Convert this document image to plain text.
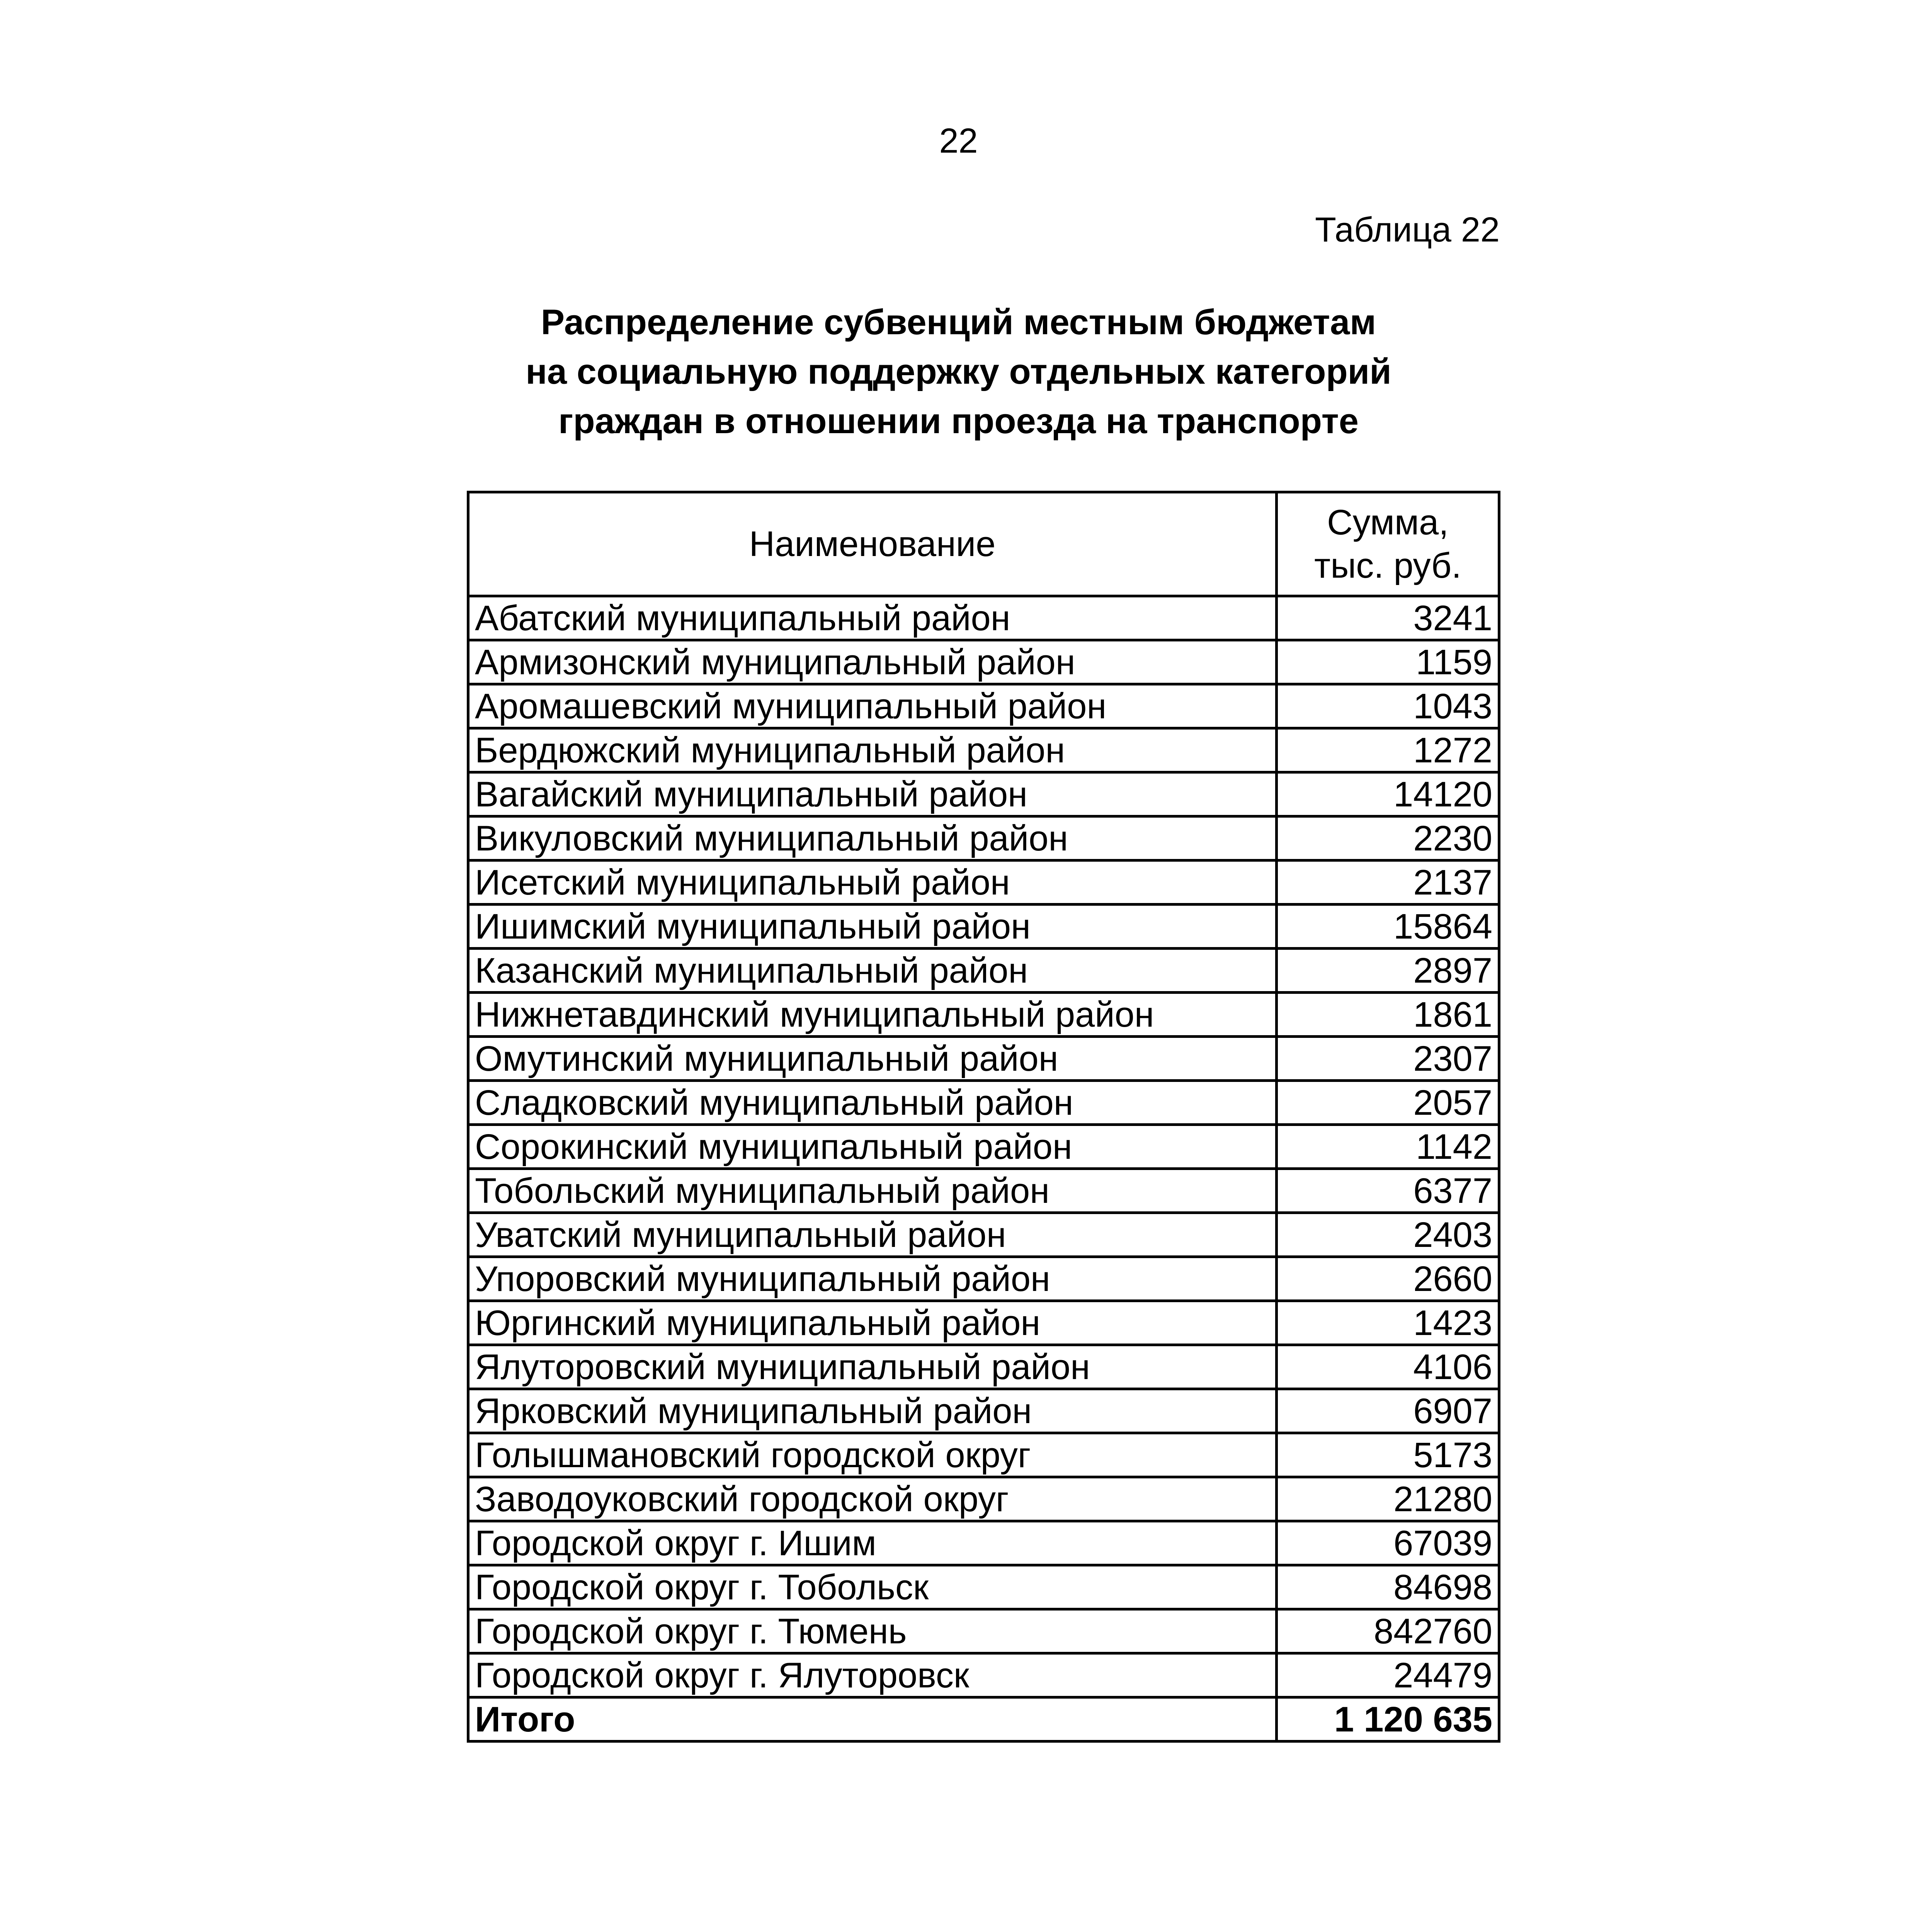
22
Таблица 22
Распределение субвенций местным бюджетам
на социальную поддержку отдельных категорий
граждан в отношении проезда на транспорте
Наименование	Сумма,
тыс. руб.
Абатский муниципальный район	3241
Армизонский муниципальный район	1159
Аромашевский муниципальный район	1043
Бердюжский муниципальный район	1272
Вагайский муниципальный район	14120
Викуловский муниципальный район	2230
Исетский муниципальный район	2137
Ишимский муниципальный район	15864
Казанский муниципальный район	2897
Нижнетавдинский муниципальный район	1861
Омутинский муниципальный район	2307
Сладковский муниципальный район	2057
Сорокинский муниципальный район	1142
Тобольский муниципальный район	6377
Уватский муниципальный район	2403
Упоровский муниципальный район	2660
Юргинский муниципальный район	1423
Ялуторовский муниципальный район	4106
Ярковский муниципальный район	6907
Голышмановский городской округ	5173
Заводоуковский городской округ	21280
Городской округ г. Ишим	67039
Городской округ г. Тобольск	84698
Городской округ г. Тюмень	842760
Городской округ г. Ялуторовск	24479
Итого	1 120 635
